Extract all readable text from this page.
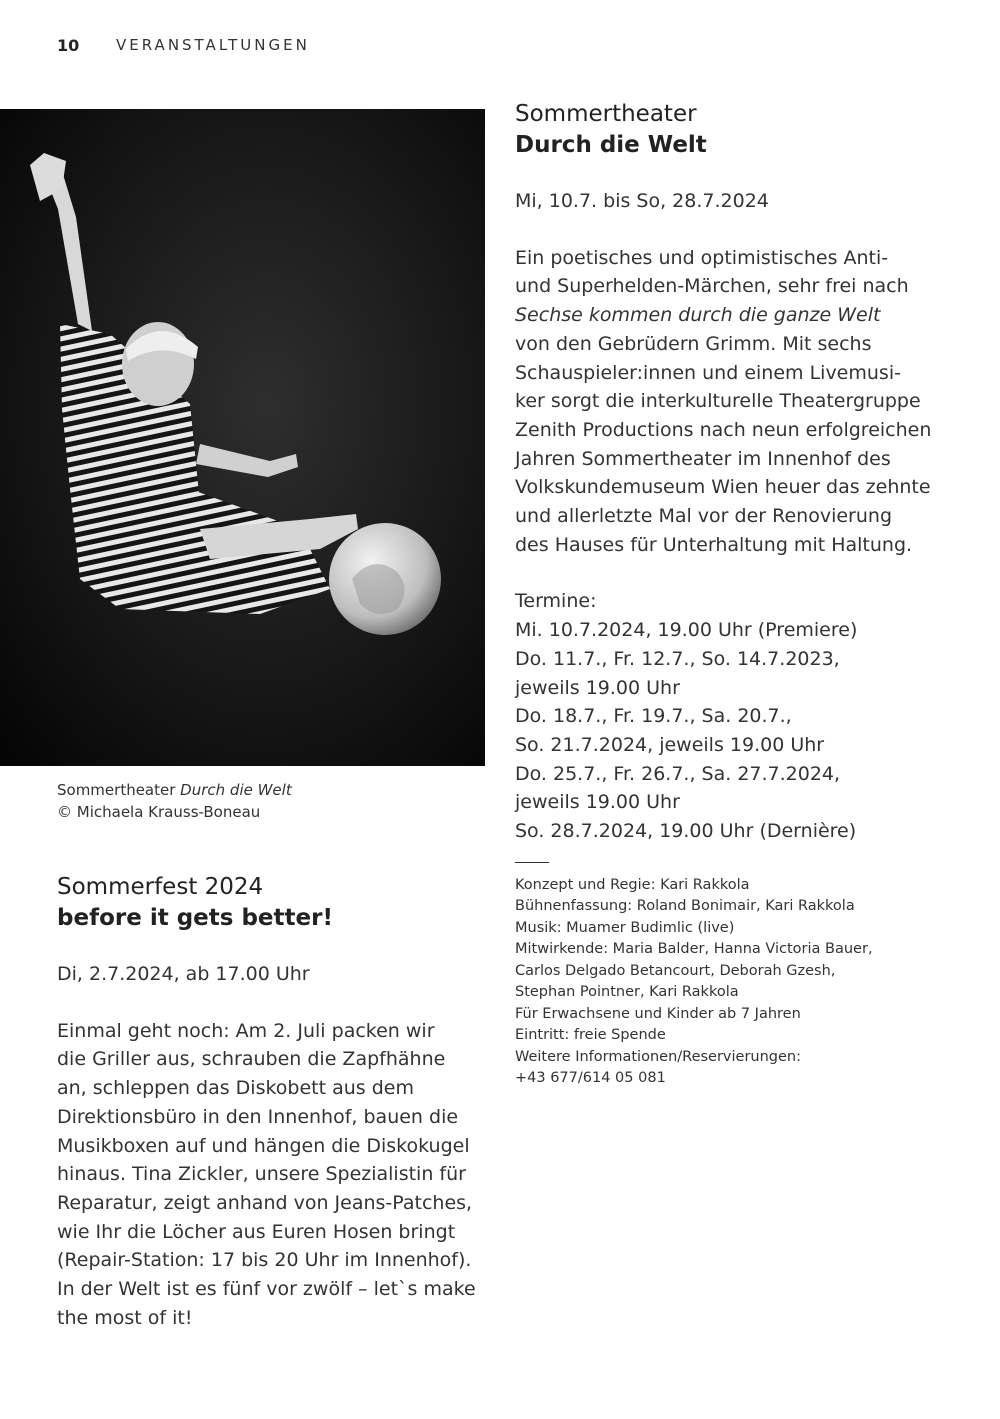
10 VERANSTALTUNGEN
Sommertheater Durch die Welt
© Michaela Krauss-Boneau
Sommerfest 2024
before it gets better!
Di, 2.7.2024, ab 17.00 Uhr
Einmal geht noch: Am 2. Juli packen wir
die Griller aus, schrauben die Zapfhähne
an, schleppen das Diskobett aus dem
Direktionsbüro in den Innenhof, bauen die
Musikboxen auf und hängen die Diskokugel
hinaus. Tina Zickler, unsere Spezialistin für
Reparatur, zeigt anhand von Jeans-Patches,
wie Ihr die Löcher aus Euren Hosen bringt
(Repair-Station: 17 bis 20 Uhr im Innenhof).
In der Welt ist es fünf vor zwölf – let`s make
the most of it!
Sommertheater
Durch die Welt
Mi, 10.7. bis So, 28.7.2024
Ein poetisches und optimistisches Anti-
und Superhelden-Märchen, sehr frei nach
Sechse kommen durch die ganze Welt
von den Gebrüdern Grimm. Mit sechs
Schauspieler:innen und einem Livemusi-
ker sorgt die interkulturelle Theatergruppe
Zenith Productions nach neun erfolgreichen
Jahren Sommertheater im Innenhof des
Volkskundemuseum Wien heuer das zehnte
und allerletzte Mal vor der Renovierung
des Hauses für Unterhaltung mit Haltung.
Termine:
Mi. 10.7.2024, 19.00 Uhr (Premiere)
Do. 11.7., Fr. 12.7., So. 14.7.2023,
jeweils 19.00 Uhr
Do. 18.7., Fr. 19.7., Sa. 20.7.,
So. 21.7.2024, jeweils 19.00 Uhr
Do. 25.7., Fr. 26.7., Sa. 27.7.2024,
jeweils 19.00 Uhr
So. 28.7.2024, 19.00 Uhr (Dernière)
Konzept und Regie: Kari Rakkola
Bühnenfassung: Roland Bonimair, Kari Rakkola
Musik: Muamer Budimlic (live)
Mitwirkende: Maria Balder, Hanna Victoria Bauer,
Carlos Delgado Betancourt, Deborah Gzesh,
Stephan Pointner, Kari Rakkola
Für Erwachsene und Kinder ab 7 Jahren
Eintritt: freie Spende
Weitere Informationen/Reservierungen:
+43 677/614 05 081
